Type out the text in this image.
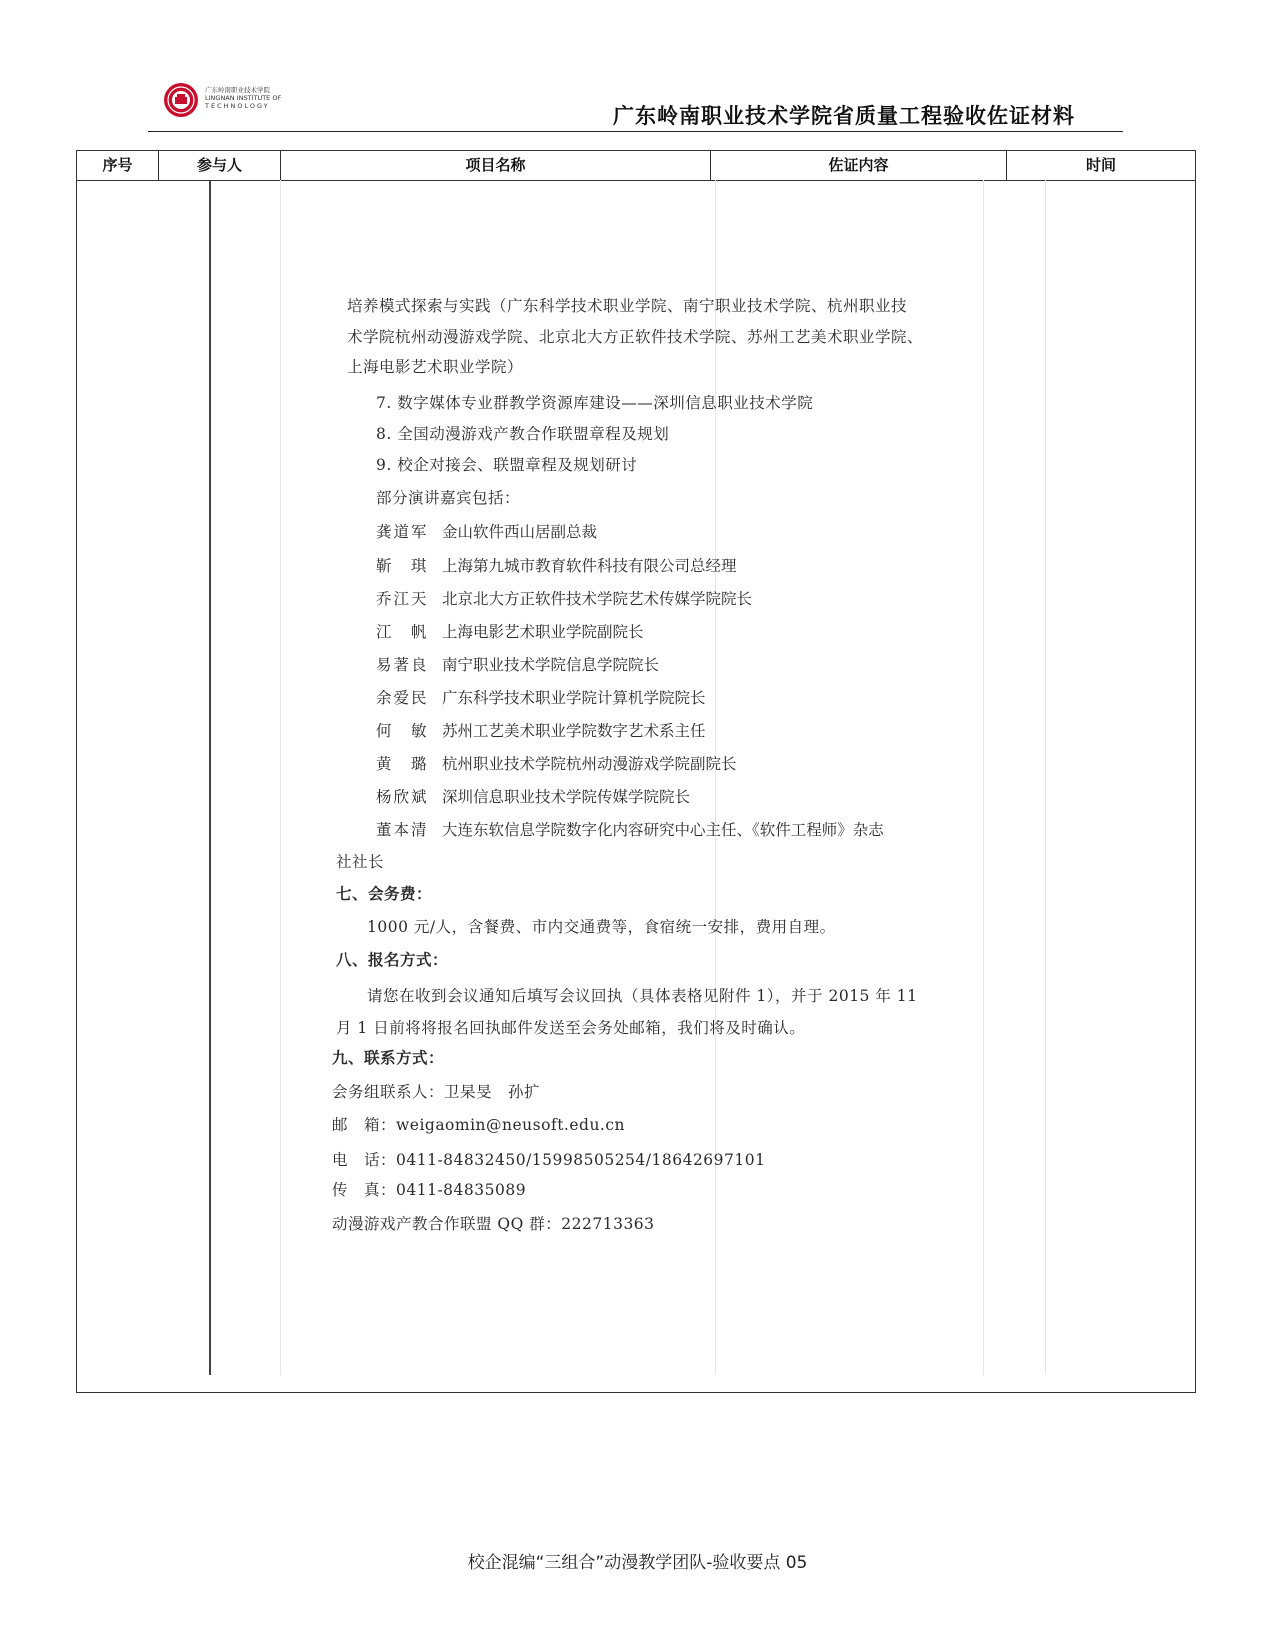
广东岭南职业技术学院
LINGNAN INSTITUTE OF
TECHNOLOGY	广东岭南职业技术学院省质量工程验收佐证材料
序号	参与人	项目名称	佐证内容	时间
培养模式探索与实践（广东科学技术职业学院、南宁职业技术学院、杭州职业技
术学院杭州动漫游戏学院、北京北大方正软件技术学院、苏州工艺美术职业学院、
上海电影艺术职业学院）
7. 数字媒体专业群教学资源库建设——深圳信息职业技术学院
8. 全国动漫游戏产教合作联盟章程及规划
9. 校企对接会、联盟章程及规划研讨
部分演讲嘉宾包括：
龚道军 金山软件西山居副总裁
靳　琪 上海第九城市教育软件科技有限公司总经理
乔江天 北京北大方正软件技术学院艺术传媒学院院长
江　帆 上海电影艺术职业学院副院长
易著良 南宁职业技术学院信息学院院长
余爱民 广东科学技术职业学院计算机学院院长
何　敏 苏州工艺美术职业学院数字艺术系主任
黄　璐 杭州职业技术学院杭州动漫游戏学院副院长
杨欣斌 深圳信息职业技术学院传媒学院院长
董本清 大连东软信息学院数字化内容研究中心主任、《软件工程师》杂志
社社长
七、会务费：
1000 元/人，含餐费、市内交通费等，食宿统一安排，费用自理。
八、报名方式：
请您在收到会议通知后填写会议回执（具体表格见附件 1），并于 2015 年 11
月 1 日前将将报名回执邮件发送至会务处邮箱，我们将及时确认。
九、联系方式：
会务组联系人：卫杲旻　孙扩
邮　箱：weigaomin@neusoft.edu.cn
电　话：0411-84832450/15998505254/18642697101
传　真：0411-84835089
动漫游戏产教合作联盟 QQ 群：222713363
校企混编“三组合”动漫教学团队-验收要点 05
